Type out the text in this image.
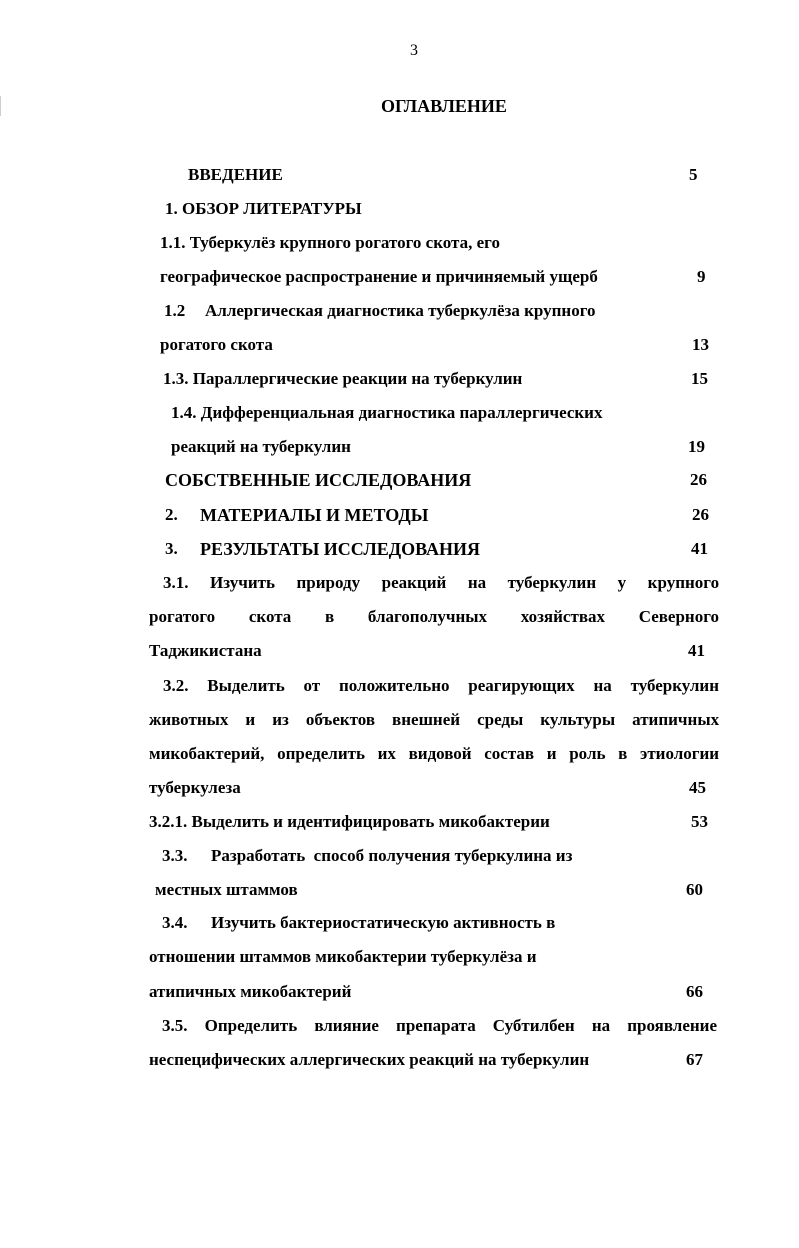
3
ОГЛАВЛЕНИЕ
ВВЕДЕНИЕ	5
1. ОБЗОР ЛИТЕРАТУРЫ
1.1. Туберкулёз крупного рогатого скота, его
географическое распространение и причиняемый ущерб	9
1.2 Аллергическая диагностика туберкулёза крупного
рогатого скота	13
1.3. Параллергические реакции на туберкулин	15
1.4. Дифференциальная диагностика параллергических
реакций на туберкулин	19
СОБСТВЕННЫЕ ИССЛЕДОВАНИЯ	26
2. МАТЕРИАЛЫ И МЕТОДЫ	26
3. РЕЗУЛЬТАТЫ ИССЛЕДОВАНИЯ	41
3.1. Изучить природу реакций на туберкулин у крупного
рогатого скота в благополучных хозяйствах Северного
Таджикистана	41
3.2. Выделить от положительно реагирующих на туберкулин
животных и из объектов внешней среды культуры атипичных
микобактерий, определить их видовой состав и роль в этиологии
туберкулеза	45
3.2.1. Выделить и идентифицировать микобактерии	53
3.3. Разработать  способ получения туберкулина из
местных штаммов	60
3.4. Изучить бактериостатическую активность в
отношении штаммов микобактерии туберкулёза и
атипичных микобактерий	66
3.5. Определить влияние препарата Субтилбен на проявление
неспецифических аллергических реакций на туберкулин	67
